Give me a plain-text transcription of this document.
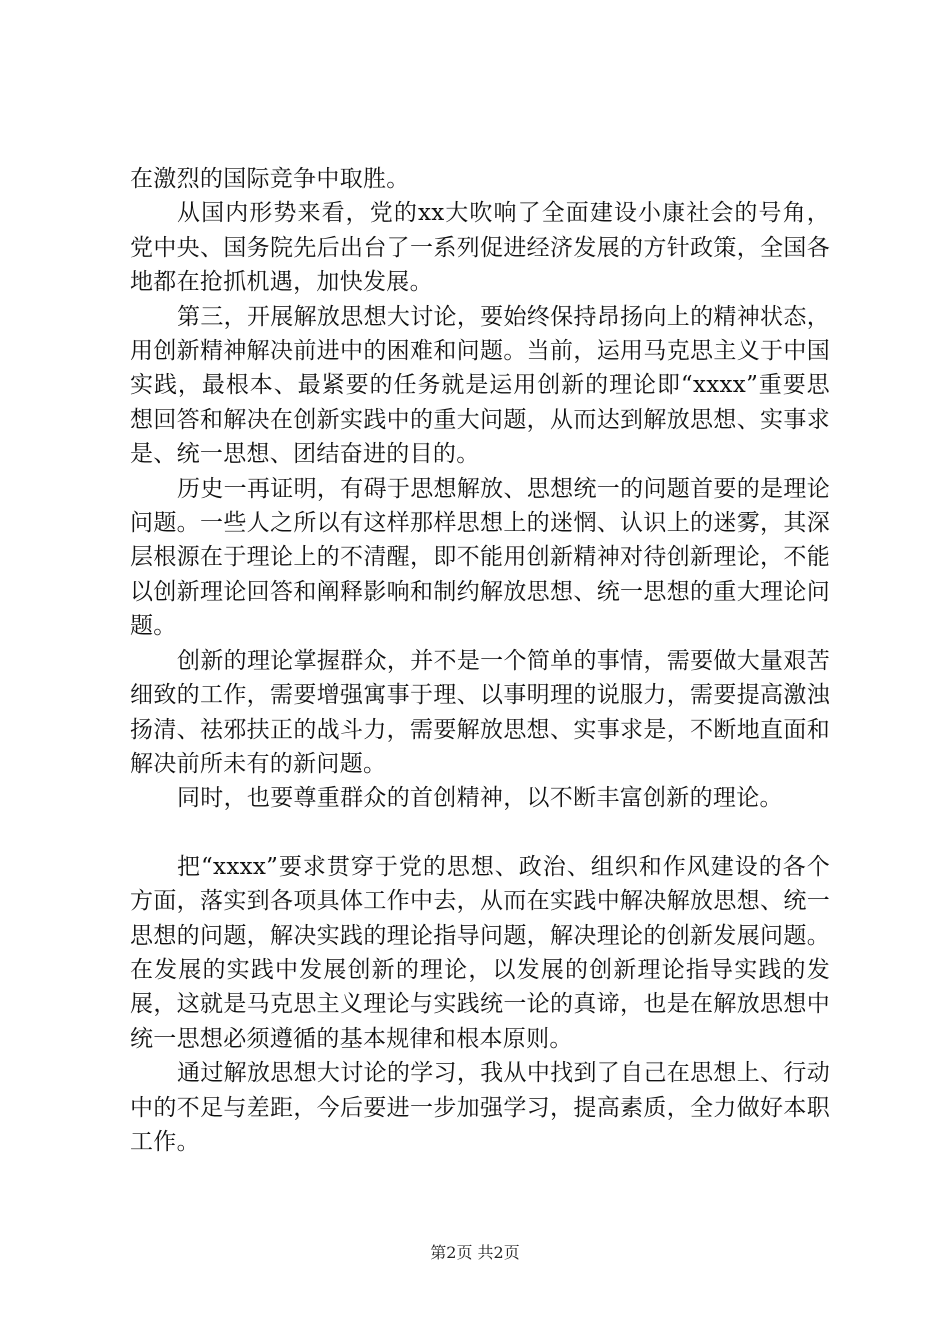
在激烈的国际竞争中取胜。

从国内形势来看，党的xx大吹响了全面建设小康社会的号角，党中央、国务院先后出台了一系列促进经济发展的方针政策，全国各地都在抢抓机遇，加快发展。

第三，开展解放思想大讨论，要始终保持昂扬向上的精神状态，用创新精神解决前进中的困难和问题。当前，运用马克思主义于中国实践，最根本、最紧要的任务就是运用创新的理论即“xxxx”重要思想回答和解决在创新实践中的重大问题，从而达到解放思想、实事求是、统一思想、团结奋进的目的。

历史一再证明，有碍于思想解放、思想统一的问题首要的是理论问题。一些人之所以有这样那样思想上的迷惘、认识上的迷雾，其深层根源在于理论上的不清醒，即不能用创新精神对待创新理论，不能以创新理论回答和阐释影响和制约解放思想、统一思想的重大理论问题。

创新的理论掌握群众，并不是一个简单的事情，需要做大量艰苦细致的工作，需要增强寓事于理、以事明理的说服力，需要提高激浊扬清、祛邪扶正的战斗力，需要解放思想、实事求是，不断地直面和解决前所未有的新问题。

同时，也要尊重群众的首创精神，以不断丰富创新的理论。

把“xxxx”要求贯穿于党的思想、政治、组织和作风建设的各个方面，落实到各项具体工作中去，从而在实践中解决解放思想、统一思想的问题，解决实践的理论指导问题，解决理论的创新发展问题。在发展的实践中发展创新的理论，以发展的创新理论指导实践的发展，这就是马克思主义理论与实践统一论的真谛，也是在解放思想中统一思想必须遵循的基本规律和根本原则。

通过解放思想大讨论的学习，我从中找到了自己在思想上、行动中的不足与差距，今后要进一步加强学习，提高素质，全力做好本职工作。

第2页 共2页
